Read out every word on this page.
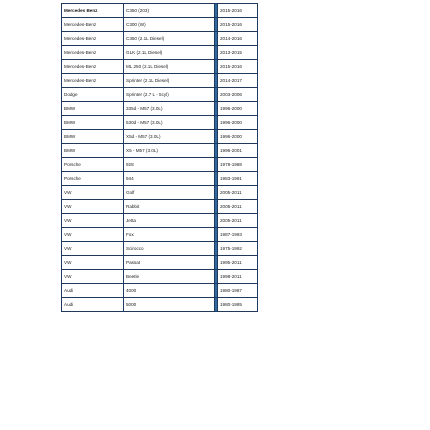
Mercedes Benz	C350 (203)		2015-2016
Mercedes-Benz	C300 (W)		2015-2016
Mercedes-Benz	C350 (2.1L Diesel)		2014-2016
Mercedes-Benz	GLK (2.1L Diesel)		2013-2015
Mercedes-Benz	ML 250 (2.1L Diesel)		2015-2016
Mercedes-Benz	Sprinter (2.1L Diesel)		2014-2017
Dodge	Sprinter (2.7 L - 5cyl)		2003-2006
BMW	335d - M57 (3.0L)		1996-2000
BMW	530d - M57 (3.0L)		1996-2000
BMW	X5d - M57 (3.0L)		1996-2000
BMW	X5 - M57 (3.0L)		1996-2001
Porsche	928		1978-1988
Porsche	944		1983-1991
VW	Golf		2005-2011
VW	Rabbit		2005-2011
VW	Jetta		2005-2011
VW	Fox		1987-1993
VW	Scirocco		1975-1992
VW	Passat		1995-2011
VW	Beetle		1998-2011
Audi	4000		1980-1987
Audi	5000		1980-1985
